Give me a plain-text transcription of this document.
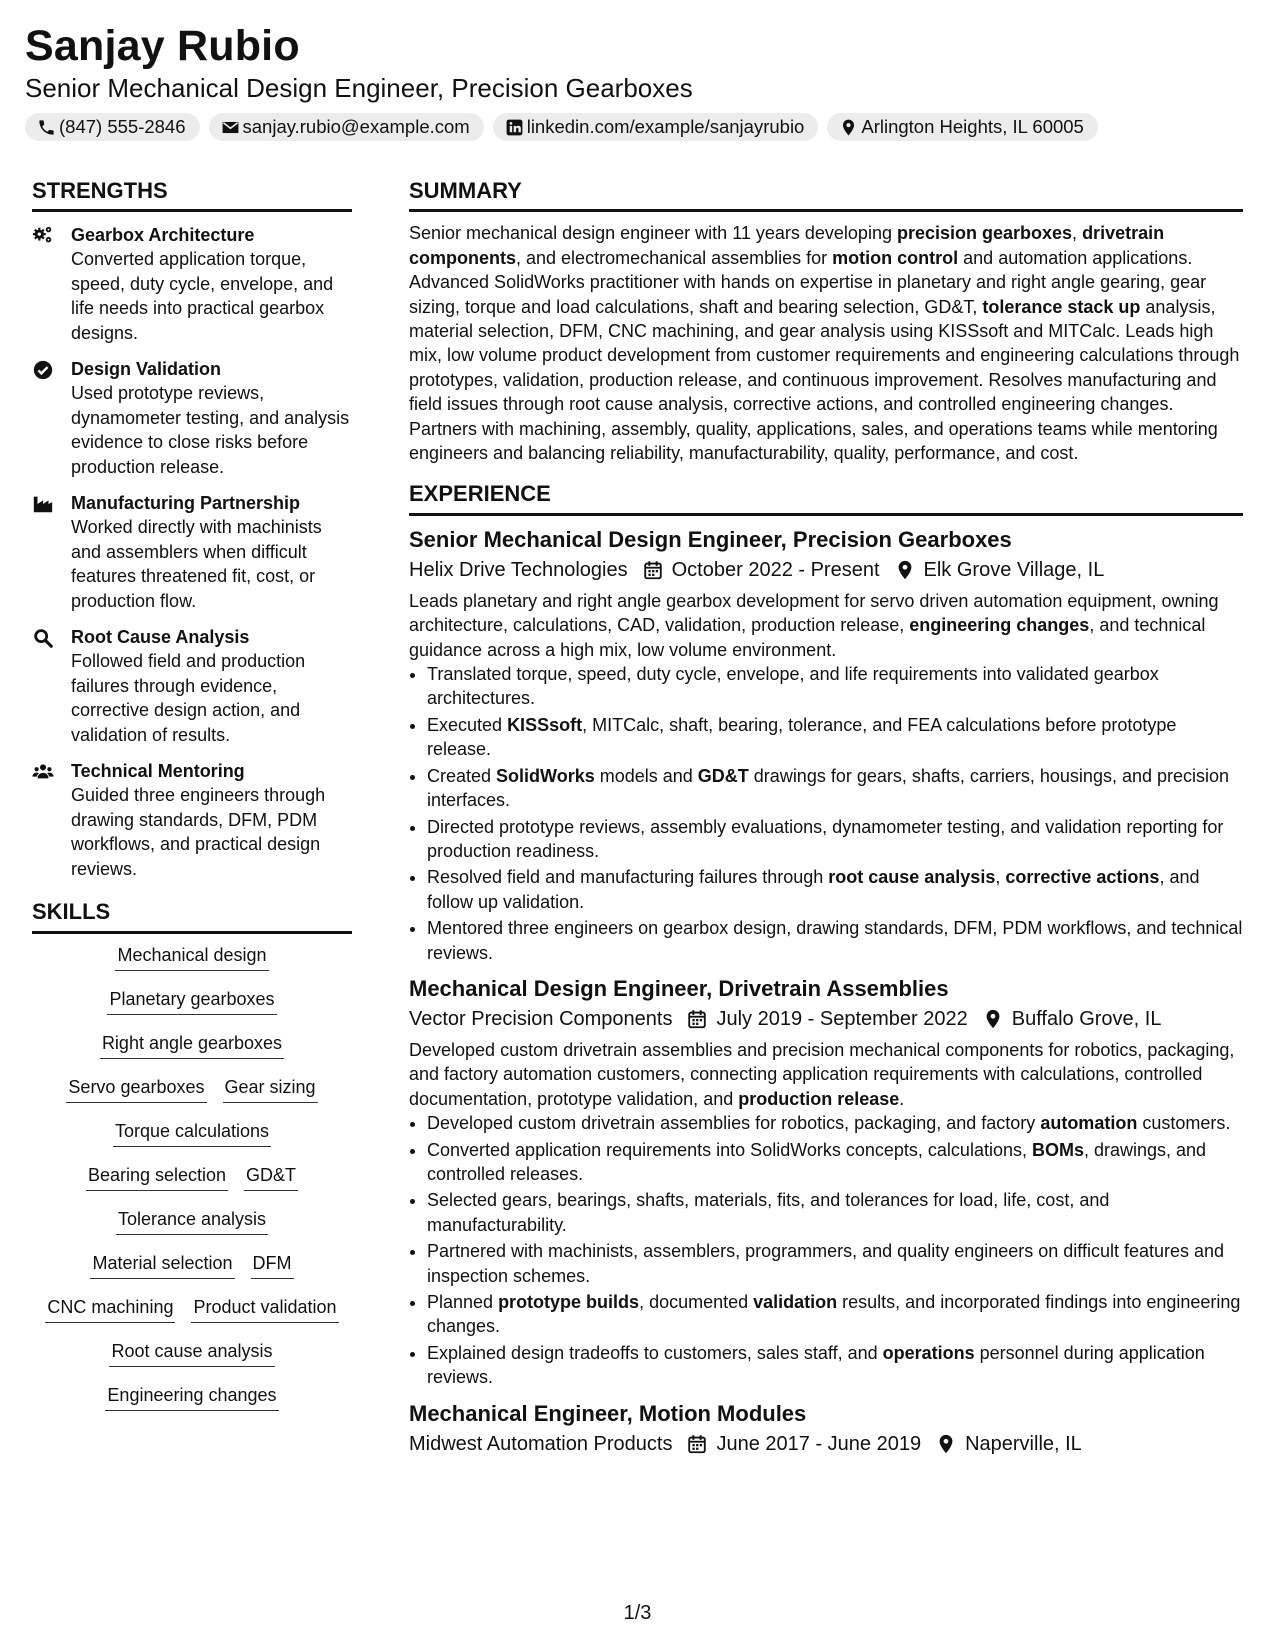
Sanjay Rubio
Senior Mechanical Design Engineer, Precision Gearboxes
(847) 555-2846	sanjay.rubio@example.com	linkedin.com/example/sanjayrubio	Arlington Heights, IL 60005
STRENGTHS
Gearbox Architecture
Converted application torque, speed, duty cycle, envelope, and life needs into practical gearbox designs.
Design Validation
Used prototype reviews, dynamometer testing, and analysis evidence to close risks before production release.
Manufacturing Partnership
Worked directly with machinists and assemblers when difficult features threatened fit, cost, or production flow.
Root Cause Analysis
Followed field and production failures through evidence, corrective design action, and validation of results.
Technical Mentoring
Guided three engineers through drawing standards, DFM, PDM workflows, and practical design reviews.
SKILLS
Mechanical design
Planetary gearboxes
Right angle gearboxes
Servo gearboxes Gear sizing
Torque calculations
Bearing selection GD&T
Tolerance analysis
Material selection DFM
CNC machining Product validation
Root cause analysis
Engineering changes
SUMMARY
Senior mechanical design engineer with 11 years developing precision gearboxes, drivetrain components, and electromechanical assemblies for motion control and automation applications. Advanced SolidWorks practitioner with hands on expertise in planetary and right angle gearing, gear sizing, torque and load calculations, shaft and bearing selection, GD&T, tolerance stack up analysis, material selection, DFM, CNC machining, and gear analysis using KISSsoft and MITCalc. Leads high mix, low volume product development from customer requirements and engineering calculations through prototypes, validation, production release, and continuous improvement. Resolves manufacturing and field issues through root cause analysis, corrective actions, and controlled engineering changes. Partners with machining, assembly, quality, applications, sales, and operations teams while mentoring engineers and balancing reliability, manufacturability, quality, performance, and cost.
EXPERIENCE
Senior Mechanical Design Engineer, Precision Gearboxes
Helix Drive Technologies October 2022 - Present Elk Grove Village, IL
Leads planetary and right angle gearbox development for servo driven automation equipment, owning architecture, calculations, CAD, validation, production release, engineering changes, and technical guidance across a high mix, low volume environment.
• Translated torque, speed, duty cycle, envelope, and life requirements into validated gearbox architectures.
• Executed KISSsoft, MITCalc, shaft, bearing, tolerance, and FEA calculations before prototype release.
• Created SolidWorks models and GD&T drawings for gears, shafts, carriers, housings, and precision interfaces.
• Directed prototype reviews, assembly evaluations, dynamometer testing, and validation reporting for production readiness.
• Resolved field and manufacturing failures through root cause analysis, corrective actions, and follow up validation.
• Mentored three engineers on gearbox design, drawing standards, DFM, PDM workflows, and technical reviews.
Mechanical Design Engineer, Drivetrain Assemblies
Vector Precision Components July 2019 - September 2022 Buffalo Grove, IL
Developed custom drivetrain assemblies and precision mechanical components for robotics, packaging, and factory automation customers, connecting application requirements with calculations, controlled documentation, prototype validation, and production release.
• Developed custom drivetrain assemblies for robotics, packaging, and factory automation customers.
• Converted application requirements into SolidWorks concepts, calculations, BOMs, drawings, and controlled releases.
• Selected gears, bearings, shafts, materials, fits, and tolerances for load, life, cost, and manufacturability.
• Partnered with machinists, assemblers, programmers, and quality engineers on difficult features and inspection schemes.
• Planned prototype builds, documented validation results, and incorporated findings into engineering changes.
• Explained design tradeoffs to customers, sales staff, and operations personnel during application reviews.
Mechanical Engineer, Motion Modules
Midwest Automation Products June 2017 - June 2019 Naperville, IL
1/3
